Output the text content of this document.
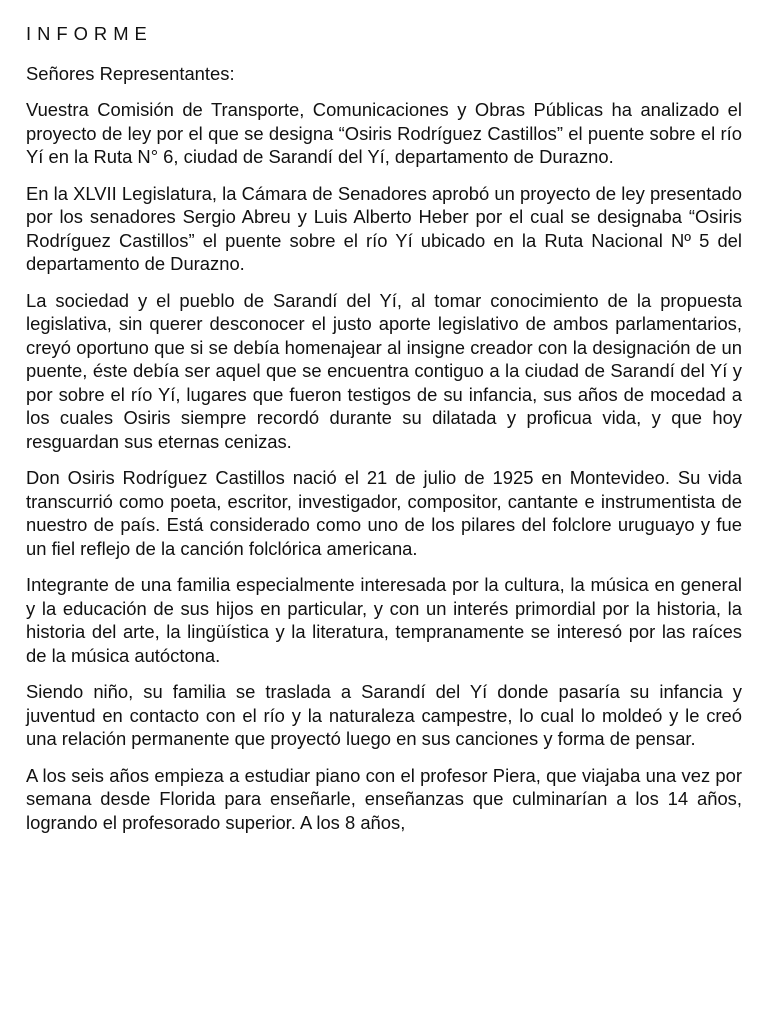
INFORME
Señores Representantes:

Vuestra Comisión de Transporte, Comunicaciones y Obras Públicas ha analizado el proyecto de ley por el que se designa “Osiris Rodríguez Castillos” el puente sobre el río Yí en la Ruta N° 6, ciudad de Sarandí del Yí, departamento de Durazno.

En la XLVII Legislatura, la Cámara de Senadores aprobó un proyecto de ley presentado por los senadores Sergio Abreu y Luis Alberto Heber por el cual se designaba “Osiris Rodríguez Castillos” el puente sobre el río Yí ubicado en la Ruta Nacional Nº 5 del departamento de Durazno.

La sociedad y el pueblo de Sarandí del Yí, al tomar conocimiento de la propuesta legislativa, sin querer desconocer el justo aporte legislativo de ambos parlamentarios, creyó oportuno que si se debía homenajear al insigne creador con la designación de un puente, éste debía ser aquel que se encuentra contiguo a la ciudad de Sarandí del Yí y por sobre el río Yí, lugares que fueron testigos de su infancia, sus años de mocedad a los cuales Osiris siempre recordó durante su dilatada y proficua vida, y que hoy resguardan sus eternas cenizas.

Don Osiris Rodríguez Castillos nació el 21 de julio de 1925 en Montevideo. Su vida transcurrió como poeta, escritor, investigador, compositor, cantante e instrumentista de nuestro de país. Está considerado como uno de los pilares del folclore uruguayo y fue un fiel reflejo de la canción folclórica americana.

Integrante de una familia especialmente interesada por la cultura, la música en general y la educación de sus hijos en particular, y con un interés primordial por la historia, la historia del arte, la lingüística y la literatura, tempranamente se interesó por las raíces de la música autóctona.

Siendo niño, su familia se traslada a Sarandí del Yí donde pasaría su infancia y juventud en contacto con el río y la naturaleza campestre, lo cual lo moldeó y le creó una relación permanente que proyectó luego en sus canciones y forma de pensar.

A los seis años empieza a estudiar piano con el profesor Piera, que viajaba una vez por semana desde Florida para enseñarle, enseñanzas que culminarían a los 14 años, logrando el profesorado superior. A los 8 años,
